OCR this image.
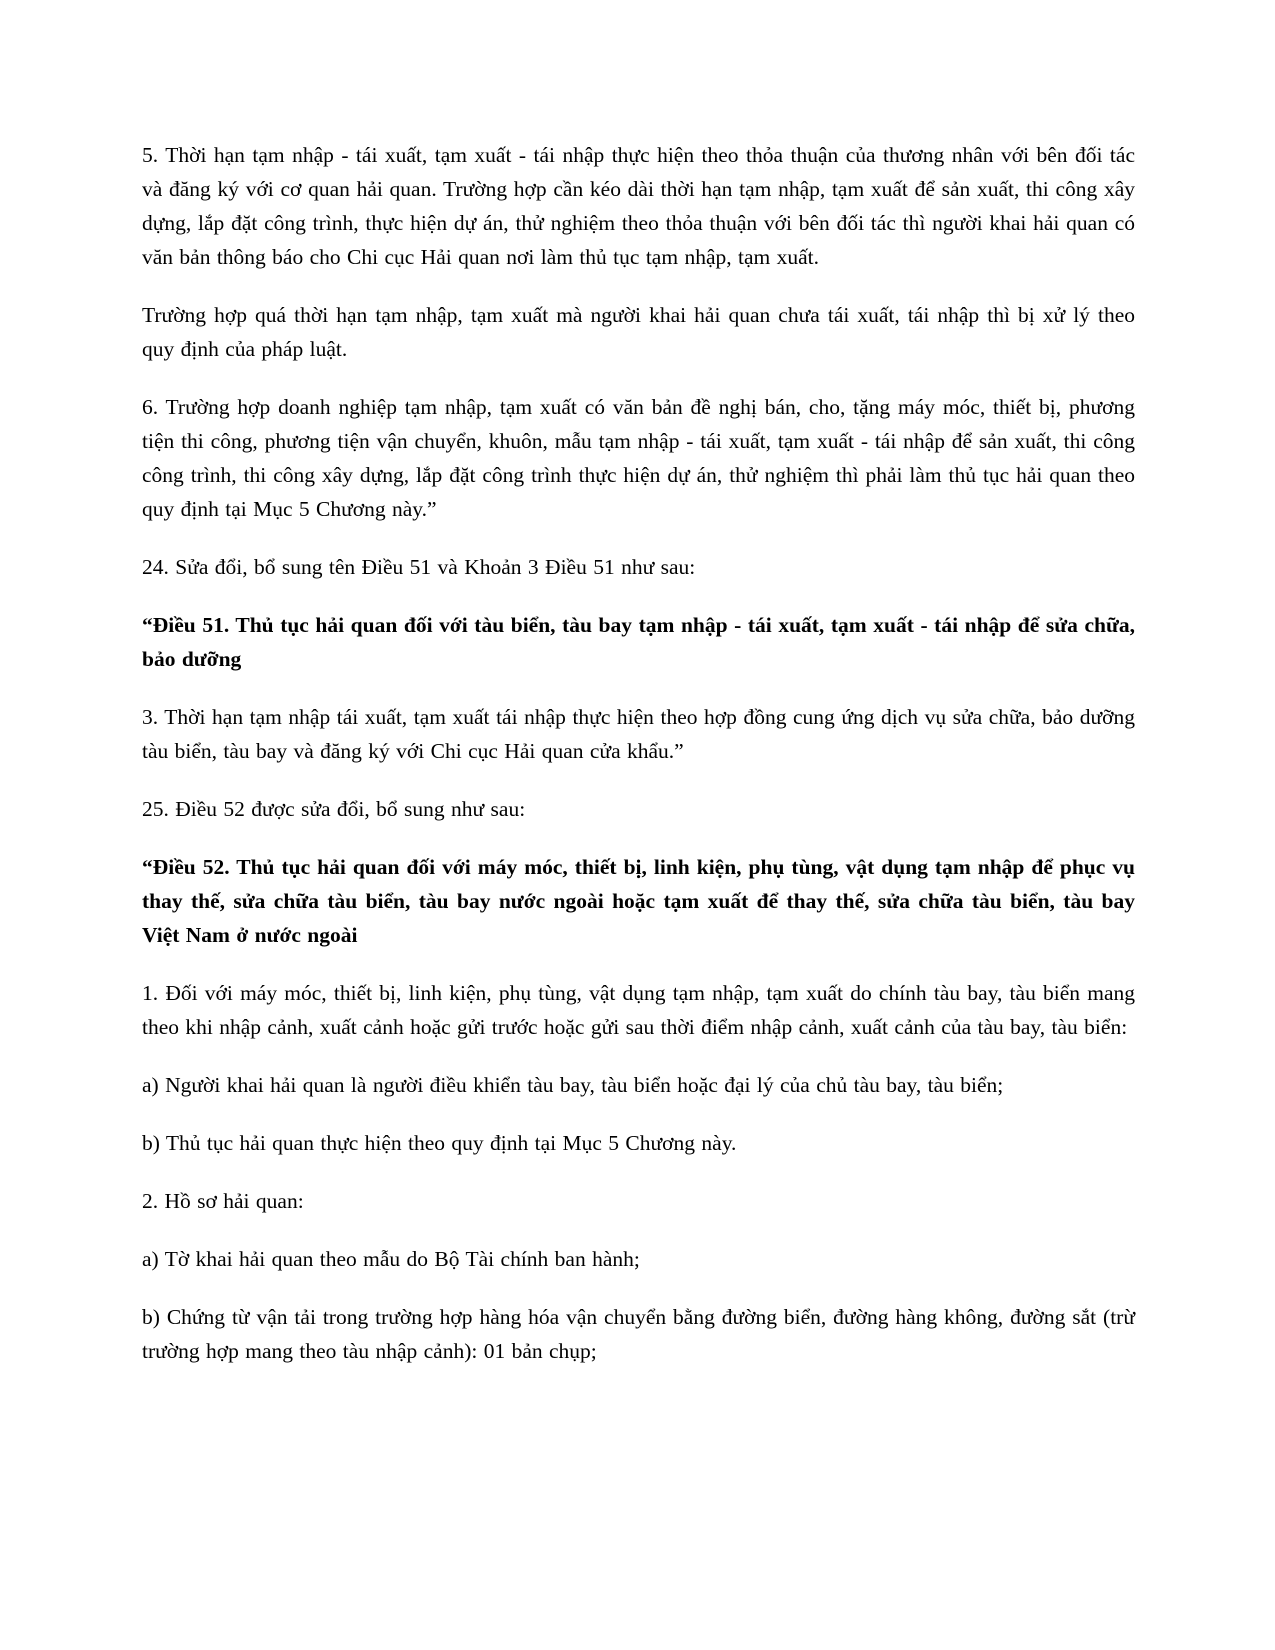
5. Thời hạn tạm nhập - tái xuất, tạm xuất - tái nhập thực hiện theo thỏa thuận của thương nhân với bên đối tác và đăng ký với cơ quan hải quan. Trường hợp cần kéo dài thời hạn tạm nhập, tạm xuất để sản xuất, thi công xây dựng, lắp đặt công trình, thực hiện dự án, thử nghiệm theo thỏa thuận với bên đối tác thì người khai hải quan có văn bản thông báo cho Chi cục Hải quan nơi làm thủ tục tạm nhập, tạm xuất.

Trường hợp quá thời hạn tạm nhập, tạm xuất mà người khai hải quan chưa tái xuất, tái nhập thì bị xử lý theo quy định của pháp luật.

6. Trường hợp doanh nghiệp tạm nhập, tạm xuất có văn bản đề nghị bán, cho, tặng máy móc, thiết bị, phương tiện thi công, phương tiện vận chuyển, khuôn, mẫu tạm nhập - tái xuất, tạm xuất - tái nhập để sản xuất, thi công công trình, thi công xây dựng, lắp đặt công trình thực hiện dự án, thử nghiệm thì phải làm thủ tục hải quan theo quy định tại Mục 5 Chương này.”

24. Sửa đổi, bổ sung tên Điều 51 và Khoản 3 Điều 51 như sau:

“Điều 51. Thủ tục hải quan đối với tàu biển, tàu bay tạm nhập - tái xuất, tạm xuất - tái nhập để sửa chữa, bảo dưỡng

3. Thời hạn tạm nhập tái xuất, tạm xuất tái nhập thực hiện theo hợp đồng cung ứng dịch vụ sửa chữa, bảo dưỡng tàu biển, tàu bay và đăng ký với Chi cục Hải quan cửa khẩu.”

25. Điều 52 được sửa đổi, bổ sung như sau:

“Điều 52. Thủ tục hải quan đối với máy móc, thiết bị, linh kiện, phụ tùng, vật dụng tạm nhập để phục vụ thay thế, sửa chữa tàu biển, tàu bay nước ngoài hoặc tạm xuất để thay thế, sửa chữa tàu biển, tàu bay Việt Nam ở nước ngoài

1. Đối với máy móc, thiết bị, linh kiện, phụ tùng, vật dụng tạm nhập, tạm xuất do chính tàu bay, tàu biển mang theo khi nhập cảnh, xuất cảnh hoặc gửi trước hoặc gửi sau thời điểm nhập cảnh, xuất cảnh của tàu bay, tàu biển:

a) Người khai hải quan là người điều khiển tàu bay, tàu biển hoặc đại lý của chủ tàu bay, tàu biển;

b) Thủ tục hải quan thực hiện theo quy định tại Mục 5 Chương này.

2. Hồ sơ hải quan:

a) Tờ khai hải quan theo mẫu do Bộ Tài chính ban hành;

b) Chứng từ vận tải trong trường hợp hàng hóa vận chuyển bằng đường biển, đường hàng không, đường sắt (trừ trường hợp mang theo tàu nhập cảnh): 01 bản chụp;
